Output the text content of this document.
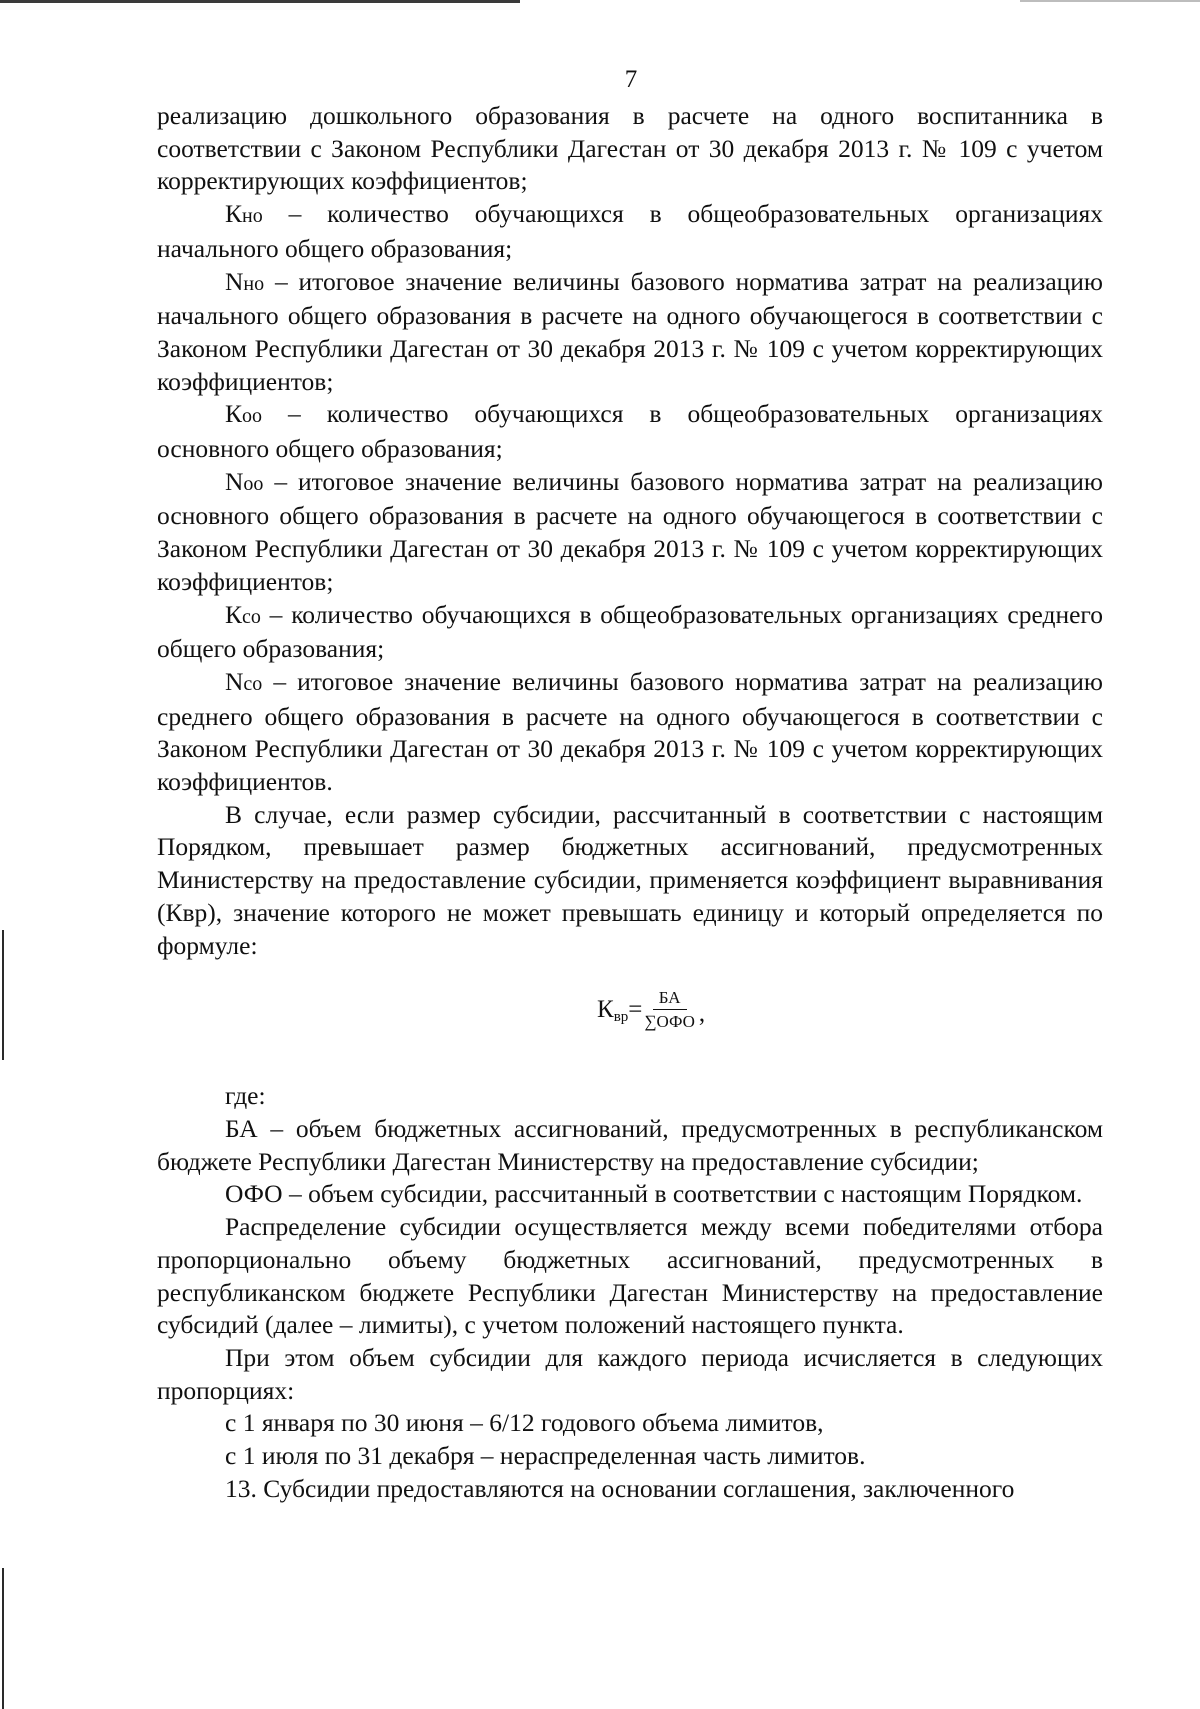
7

реализацию дошкольного образования в расчете на одного воспитанника в соответствии с Законом Республики Дагестан от 30 декабря 2013 г. № 109 с учетом корректирующих коэффициентов;

Кно – количество обучающихся в общеобразовательных организациях начального общего образования;

Nно – итоговое значение величины базового норматива затрат на реализацию начального общего образования в расчете на одного обучающегося в соответствии с Законом Республики Дагестан от 30 декабря 2013 г. № 109 с учетом корректирующих коэффициентов;

Коо – количество обучающихся в общеобразовательных организациях основного общего образования;

Nоо – итоговое значение величины базового норматива затрат на реализацию основного общего образования в расчете на одного обучающегося в соответствии с Законом Республики Дагестан от 30 декабря 2013 г. № 109 с учетом корректирующих коэффициентов;

Ксо – количество обучающихся в общеобразовательных организациях среднего общего образования;

Nсо – итоговое значение величины базового норматива затрат на реализацию среднего общего образования в расчете на одного обучающегося в соответствии с Законом Республики Дагестан от 30 декабря 2013 г. № 109 с учетом корректирующих коэффициентов.

В случае, если размер субсидии, рассчитанный в соответствии с настоящим Порядком, превышает размер бюджетных ассигнований, предусмотренных Министерству на предоставление субсидии, применяется коэффициент выравнивания (Квр), значение которого не может превышать единицу и который определяется по формуле:

К вр = $\frac{БА}{\text{∑ОФО}}$ ,

где:

БА – объем бюджетных ассигнований, предусмотренных в республиканском бюджете Республики Дагестан Министерству на предоставление субсидии;

ОФО – объем субсидии, рассчитанный в соответствии с настоящим Порядком.

Распределение субсидии осуществляется между всеми победителями отбора пропорционально объему бюджетных ассигнований, предусмотренных в республиканском бюджете Республики Дагестан Министерству на предоставление субсидий (далее – лимиты), с учетом положений настоящего пункта.

При этом объем субсидии для каждого периода исчисляется в следующих пропорциях:

с 1 января по 30 июня – 6/12 годового объема лимитов,

с 1 июля по 31 декабря – нераспределенная часть лимитов.

13. Субсидии предоставляются на основании соглашения, заключенного
